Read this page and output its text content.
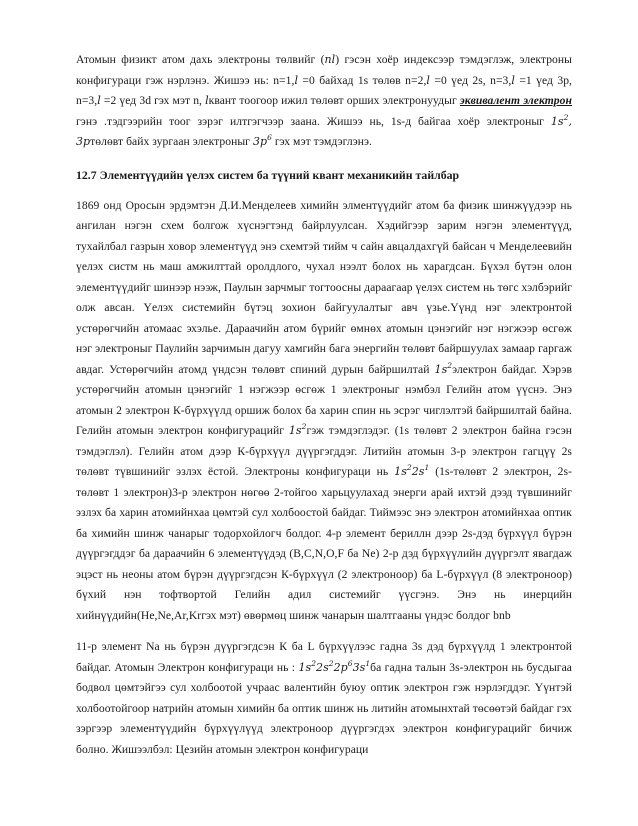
Атомын физикт атом дахь электроны төлвийг (nl) гэсэн хоёр индексээр тэмдэглэж, электроны конфигураци гэж нэрлэнэ. Жишээ нь: n=1,l =0 байхад 1s төлөв n=2,l =0 үед 2s, n=3,l =1 үед 3p, n=3,l =2 үед 3d гэх мэт n, lквант тоогоор ижил төлөвт орших электронуудыг эквивалент электрон гэнэ .тэдгээрийн тоог зэрэг илтгэгчээр заана. Жишээ нь, 1s-д байгаа хоёр электроныг $1s^2$, 3pтөлөвт байх зургаан электроныг $3p^6$ гэх мэт тэмдэглэнэ.

12.7 Элементүүдийн үелэх систем ба түүний квант механикийн тайлбар

1869 онд Оросын эрдэмтэн Д.И.Менделеев химийн элментүүдийг атом ба физик шинжүүдээр нь ангилан нэгэн схем болгож хүснэгтэнд байрлуулсан. Хэдийгээр зарим нэгэн элементүүд, тухайлбал газрын ховор элементүүд энэ схемтэй тийм ч сайн авцалдахгүй байсан ч Менделеевийн үелэх систм нь маш амжилттай оролдлого, чухал нээлт болох нь харагдсан. Бүхэл бүтэн олон элементүүдийг шинээр нээж, Паулын зарчмыг тогтоосны дараагаар үелэх систем нь төгс хэлбэрийг олж авсан. Үелэх системийн бүтэц зохион байгуулалтыг авч үзье.Үүнд нэг электронтой устөрөгчийн атомаас эхэлье. Дараачийн атом бүрийг өмнөх атомын цэнэгийг нэг нэгжээр өсгөж нэг электроныг Паулийн зарчимын дагуу хамгийн бага энергийн төлөвт байршуулах замаар гаргаж авдаг. Устөрөгчийн атомд үндсэн төлөвт спиний дурын байршилтай $1s^2электрон$ байдаг. Хэрэв устөрөгчийн атомын цэнэгийг 1 нэгжээр өсгөж 1 электроныг нэмбэл Гелийн атом үүснэ. Энэ атомын 2 электрон К-бүрхүүлд оршиж болох ба харин спин нь эсрэг чиглэлтэй байршилтай байна. Гелийн атомын электрон конфигурацийг $1s^2гэж$ тэмдэглэдэг. (1s төлөвт 2 электрон байна гэсэн тэмдэглэл). Гелийн атом дээр К-бүрхүүл дүүргэгддэг. Литийн атомын 3-р электрон гагцүү 2s төлөвт түвшинийг эзлэх ёстой. Электроны конфигураци нь $1s^22s^1$ (1s-төлөвт 2 электрон, 2s-төлөвт 1 электрон)3-р электрон нөгөө 2-тойгоо харьцуулахад энерги арай ихтэй дээд түвшинийг эзлэх ба харин атомийнхаа цөмтэй сул холбоостой байдаг. Тиймээс энэ электрон атомийнхаа оптик ба химийн шинж чанарыг тодорхойлогч болдог. 4-р элемент бериллн дээр 2s-дэд бүрхүүл бүрэн дүүргэгддэг ба дараачийн 6 элементүүдэд (B,C,N,O,F ба Ne) 2-р дэд бүрхүүлийн дүүргэлт явагдаж эцэст нь неоны атом бүрэн дүүргэгдсэн К-бүрхүүл (2 электроноор) ба L-бүрхүүл (8 электроноор) бүхий нэн тофтвортой Гелийн адил системийг үүсгэнэ. Энэ нь инерцийн хийнүүдийн(He,Ne,Ar,Krгэх мэт) өвөрмөц шинж чанарын шалтгааны үндэс болдог bnb

11-р элемент Na нь бүрэн дүүргэгдсэн К ба L бүрхүүлээс гадна 3s дэд бүрхүүлд 1 электронтой байдаг. Атомын Электрон конфигураци нь : $1s^22s^22p^63s^1ба$ гадна талын 3s-электрон нь бусдыгаа бодвол цөмтэйгээ сул холбоотой учраас валентийн буюу оптик электрон гэж нэрлэгддэг. Үүнтэй холбоотойгоор натрийн атомын химийн ба оптик шинж нь литийн атомынхтай төсөөтэй байдаг гэх зэргээр элементүүдийн бүрхүүлүүд электроноор дүүргэгдэх электрон конфигурацийг бичиж болно. Жишээлбэл: Цезийн атомын электрон конфигураци
